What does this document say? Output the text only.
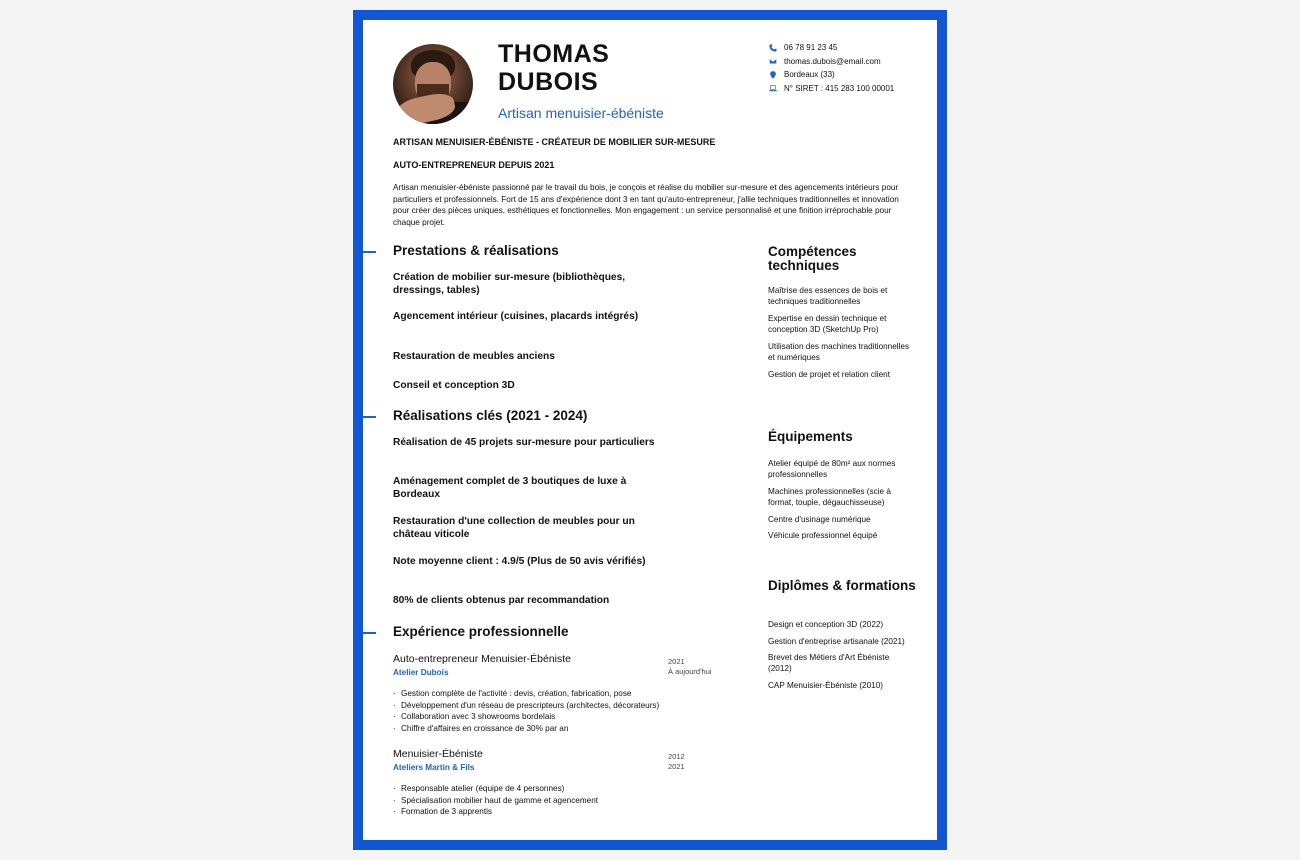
THOMAS
DUBOIS

Artisan menuisier-ébéniste

06 78 91 23 45
thomas.dubois@email.com
Bordeaux (33)
N° SIRET : 415 283 100 00001

ARTISAN MENUISIER-ÉBÉNISTE - CRÉATEUR DE MOBILIER SUR-MESURE

AUTO-ENTREPRENEUR DEPUIS 2021

Artisan menuisier-ébéniste passionné par le travail du bois, je conçois et réalise du mobilier sur-mesure et des agencements intérieurs pour particuliers et professionnels. Fort de 15 ans d'expérience dont 3 en tant qu'auto-entrepreneur, j'allie techniques traditionnelles et innovation pour créer des pièces uniques, esthétiques et fonctionnelles. Mon engagement : un service personnalisé et une finition irréprochable pour chaque projet.

Prestations & réalisations
Création de mobilier sur-mesure (bibliothèques, dressings, tables)
Agencement intérieur (cuisines, placards intégrés)
Restauration de meubles anciens
Conseil et conception 3D
Réalisations clés (2021 - 2024)
Réalisation de 45 projets sur-mesure pour particuliers
Aménagement complet de 3 boutiques de luxe à Bordeaux
Restauration d'une collection de meubles pour un château viticole
Note moyenne client : 4.9/5 (Plus de 50 avis vérifiés)
80% de clients obtenus par recommandation
Expérience professionnelle
Auto-entrepreneur Menuisier-Ébéniste
Atelier Dubois
2021
À aujourd'hui
· Gestion complète de l'activité : devis, création, fabrication, pose
· Développement d'un réseau de prescripteurs (architectes, décorateurs)
· Collaboration avec 3 showrooms bordelais
· Chiffre d'affaires en croissance de 30% par an
Menuisier-Ébéniste
Ateliers Martin & Fils
2012
2021
· Responsable atelier (équipe de 4 personnes)
· Spécialisation mobilier haut de gamme et agencement
· Formation de 3 apprentis
Compétences techniques
Maîtrise des essences de bois et techniques traditionnelles
Expertise en dessin technique et conception 3D (SketchUp Pro)
Utilisation des machines traditionnelles et numériques
Gestion de projet et relation client
Équipements
Atelier équipé de 80m² aux normes professionnelles
Machines professionnelles (scie à format, toupie, dégauchisseuse)
Centre d'usinage numérique
Véhicule professionnel équipé
Diplômes & formations
Design et conception 3D (2022)
Gestion d'entreprise artisanale (2021)
Brevet des Métiers d'Art Ébéniste (2012)
CAP Menuisier-Ébéniste (2010)
